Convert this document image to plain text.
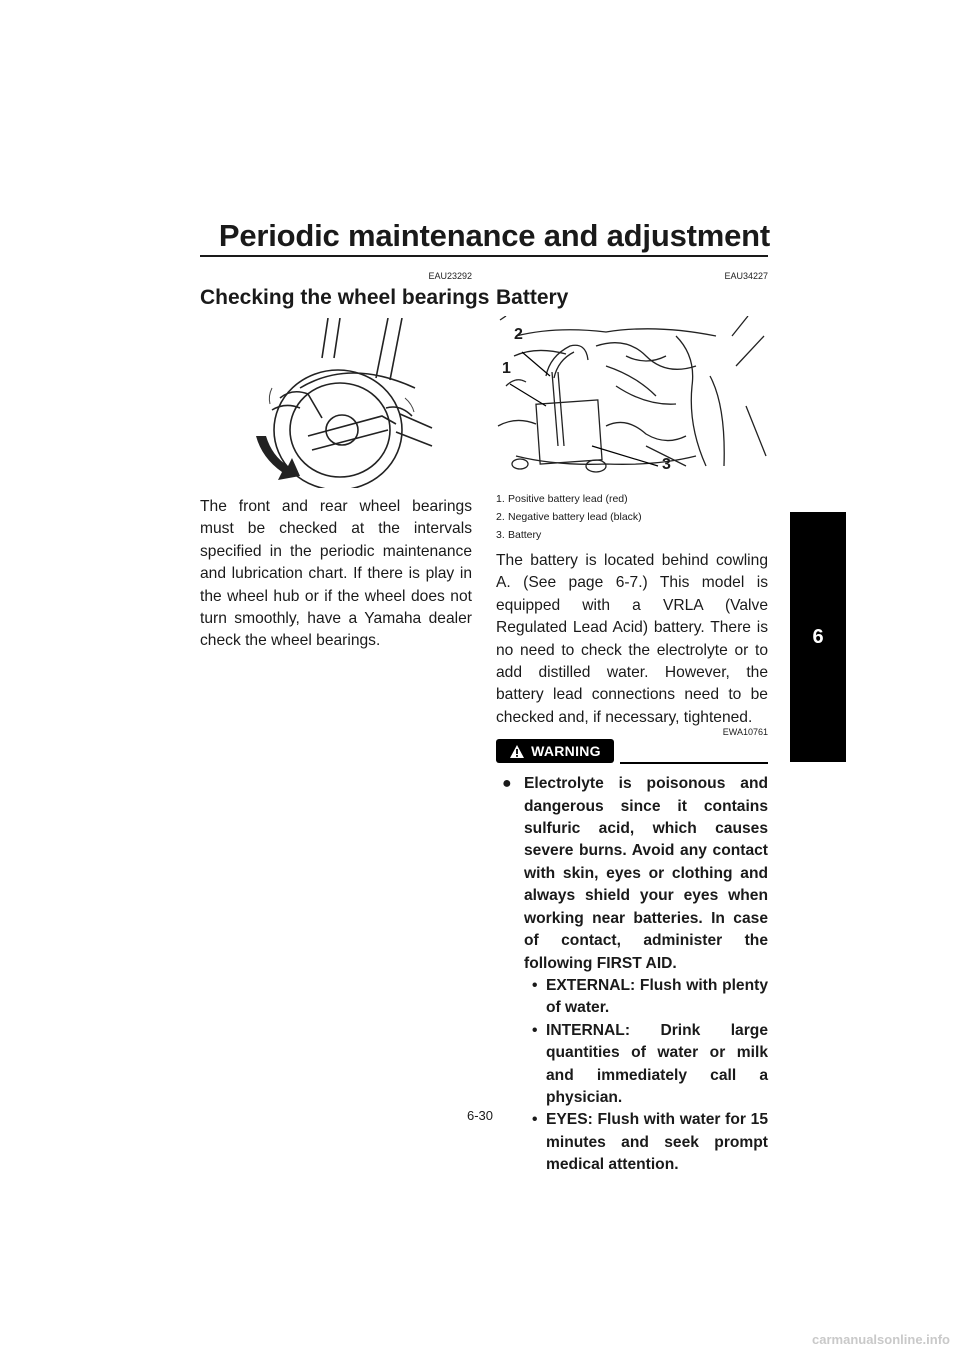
Periodic maintenance and adjustment
6
EAU23292
Checking the wheel bearings

The front and rear wheel bearings must be checked at the intervals specified in the periodic maintenance and lubrication chart. If there is play in the wheel hub or if the wheel does not turn smoothly, have a Yamaha dealer check the wheel bearings.

EAU34227
Battery
2
1
3
1. Positive battery lead (red)
2. Negative battery lead (black)
3. Battery

The battery is located behind cowling A. (See page 6-7.) This model is equipped with a VRLA (Valve Regulated Lead Acid) battery. There is no need to check the electrolyte or to add distilled water. However, the battery lead connections need to be checked and, if necessary, tightened.

EWA10761
WARNING
● Electrolyte is poisonous and dangerous since it contains sulfuric acid, which causes severe burns. Avoid any contact with skin, eyes or clothing and always shield your eyes when working near batteries. In case of contact, administer the following FIRST AID.
• EXTERNAL: Flush with plenty of water.
• INTERNAL: Drink large quantities of water or milk and immediately call a physician.
• EYES: Flush with water for 15 minutes and seek prompt medical attention.
6-30
carmanualsonline.info
